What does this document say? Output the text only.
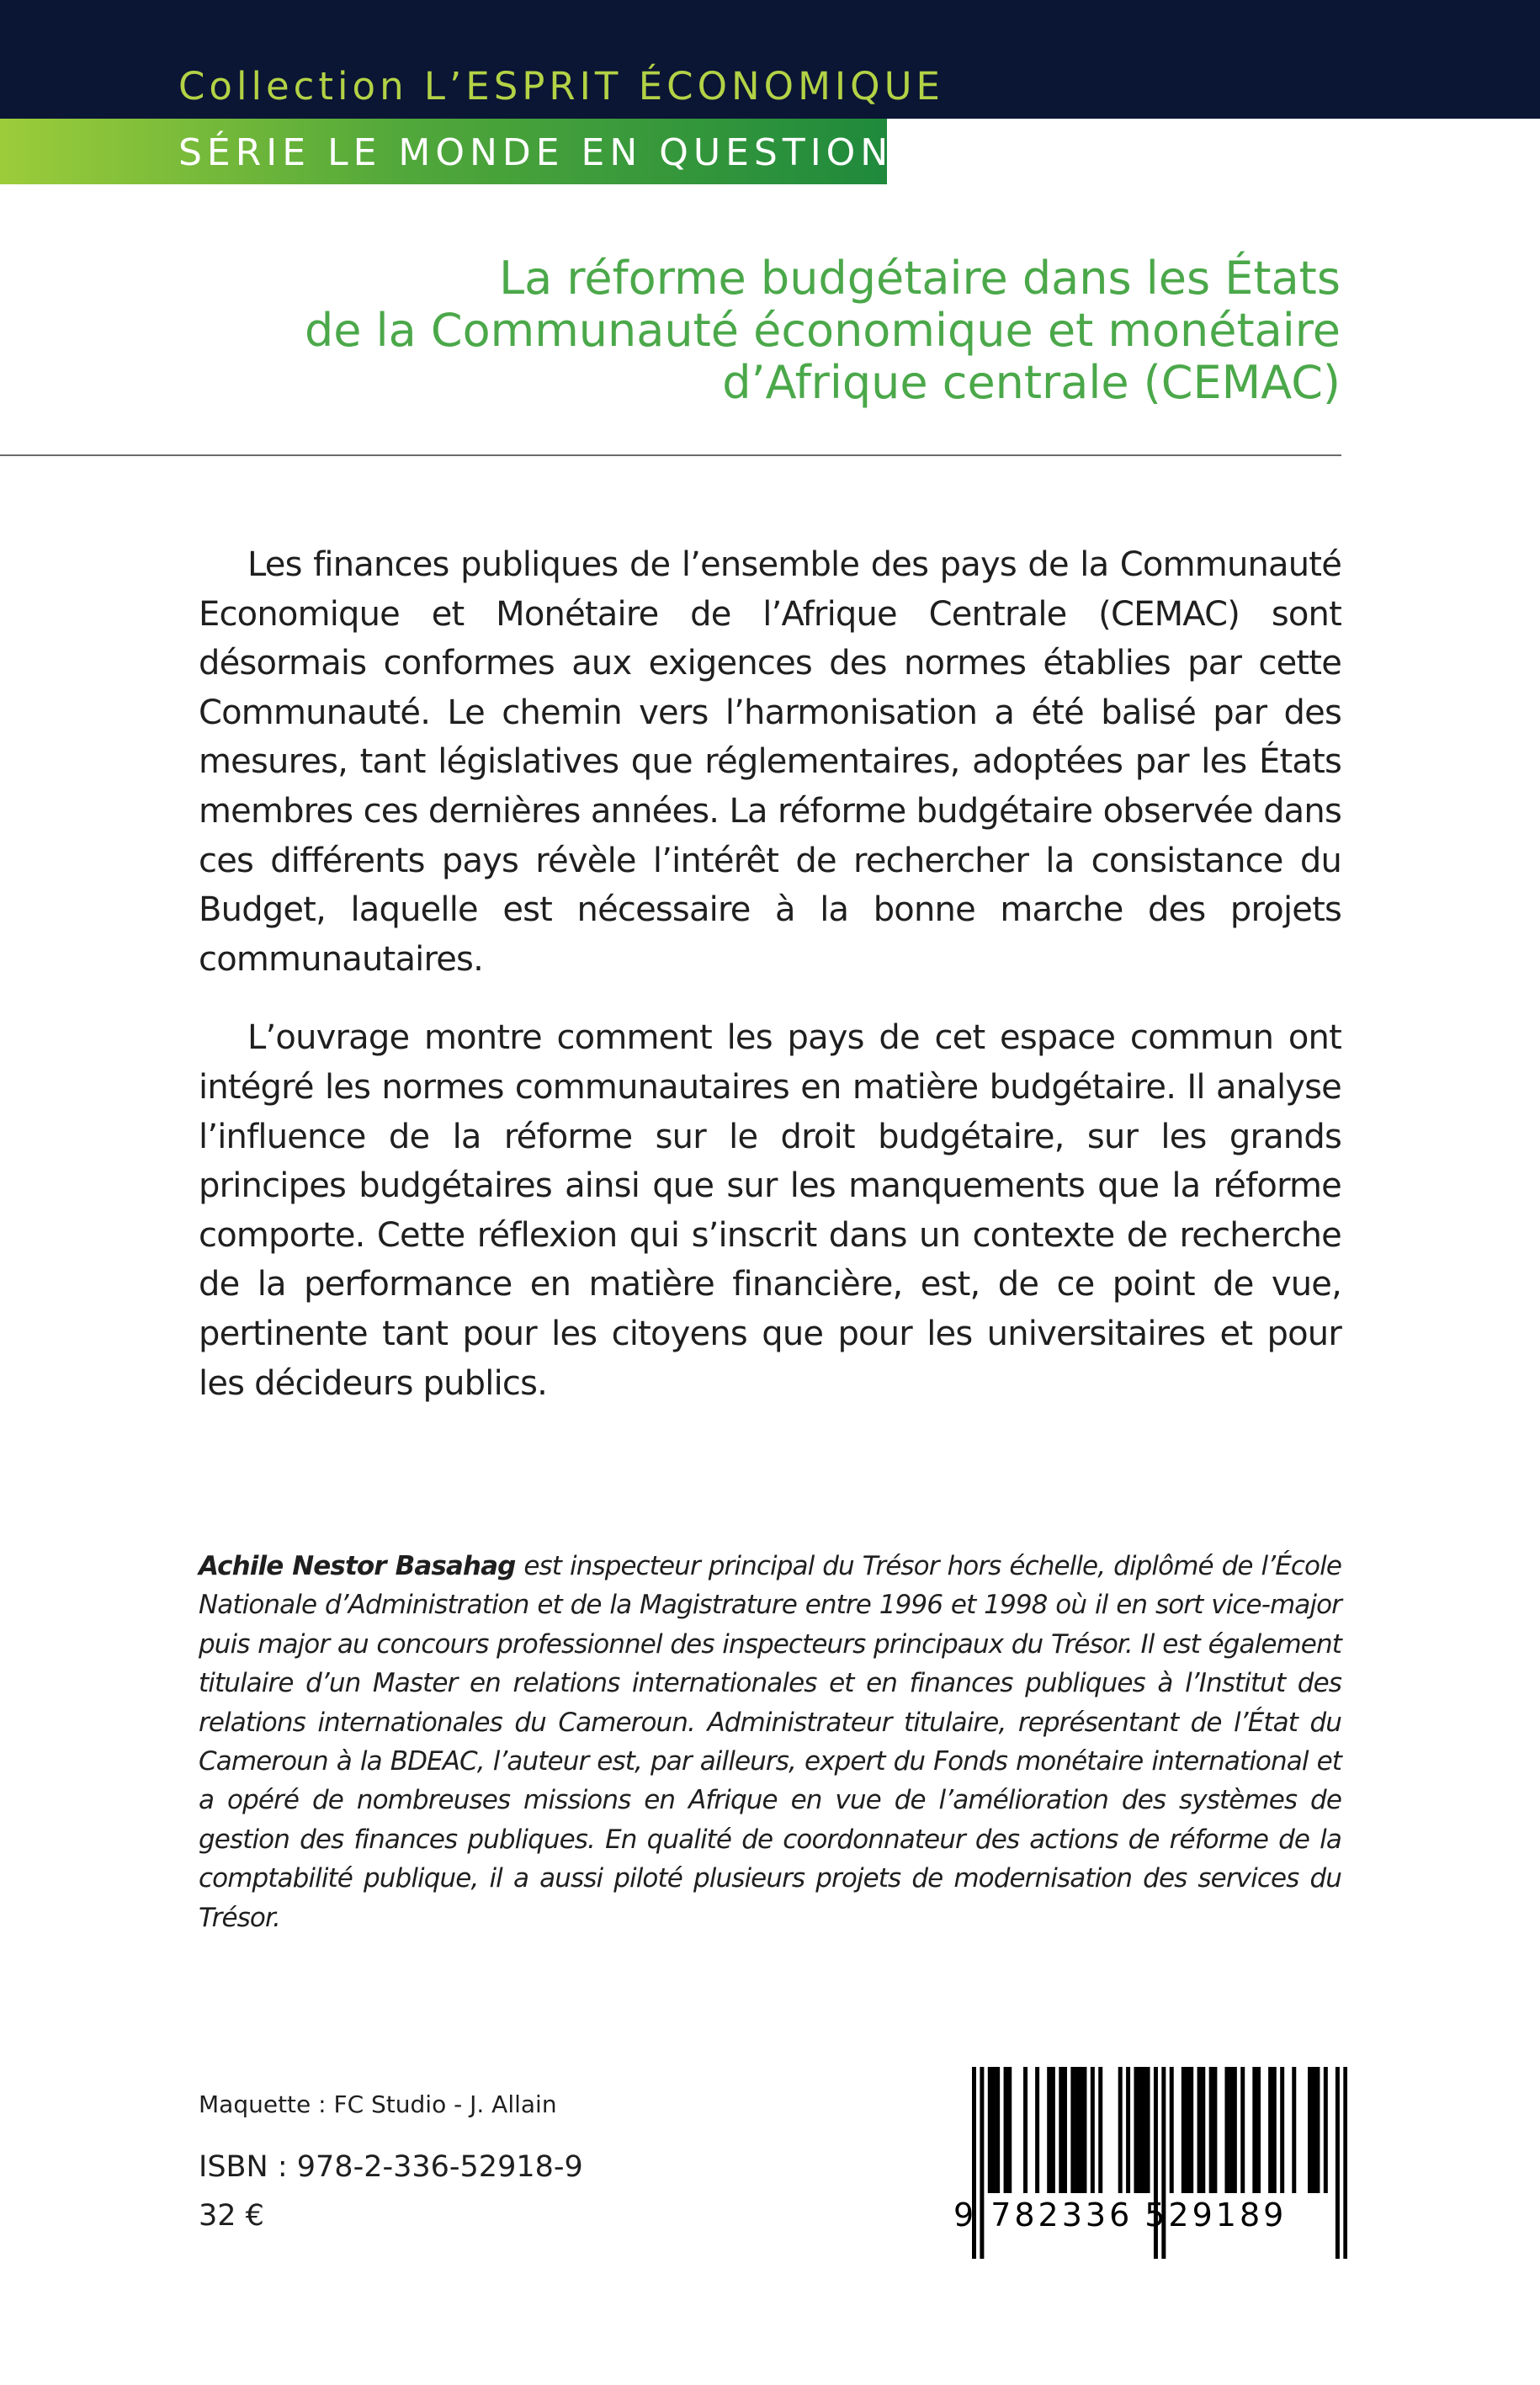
Collection L’ESPRIT ÉCONOMIQUE
SÉRIE LE MONDE EN QUESTION
La réforme budgétaire dans les États
de la Communauté économique et monétaire
d’Afrique centrale (CEMAC)

Les finances publiques de l’ensemble des pays de la Communauté Economique et Monétaire de l’Afrique Centrale (CEMAC) sont désormais conformes aux exigences des normes établies par cette Communauté. Le chemin vers l’harmonisation a été balisé par des mesures, tant législatives que réglementaires, adoptées par les États membres ces dernières années. La réforme budgétaire observée dans ces différents pays révèle l’intérêt de rechercher la consistance du Budget, laquelle est nécessaire à la bonne marche des projets communautaires.

L’ouvrage montre comment les pays de cet espace commun ont intégré les normes communautaires en matière budgétaire. Il analyse l’influence de la réforme sur le droit budgétaire, sur les grands principes budgétaires ainsi que sur les manquements que la réforme comporte. Cette réflexion qui s’inscrit dans un contexte de recherche de la performance en matière financière, est, de ce point de vue, pertinente tant pour les citoyens que pour les universitaires et pour les décideurs publics.

Achile Nestor Basahag est inspecteur principal du Trésor hors échelle, diplômé de l’École Nationale d’Administration et de la Magistrature entre 1996 et 1998 où il en sort vice-major puis major au concours professionnel des inspecteurs principaux du Trésor. Il est également titulaire d’un Master en relations internationales et en finances publiques à l’Institut des relations internationales du Cameroun. Administrateur titulaire, représentant de l’État du Cameroun à la BDEAC, l’auteur est, par ailleurs, expert du Fonds monétaire international et a opéré de nombreuses missions en Afrique en vue de l’amélioration des systèmes de gestion des finances publiques. En qualité de coordonnateur des actions de réforme de la comptabilité publique, il a aussi piloté plusieurs projets de modernisation des services du Trésor.

Maquette : FC Studio - J. Allain
ISBN : 978-2-336-52918-9
32 €	9 782336 529189
